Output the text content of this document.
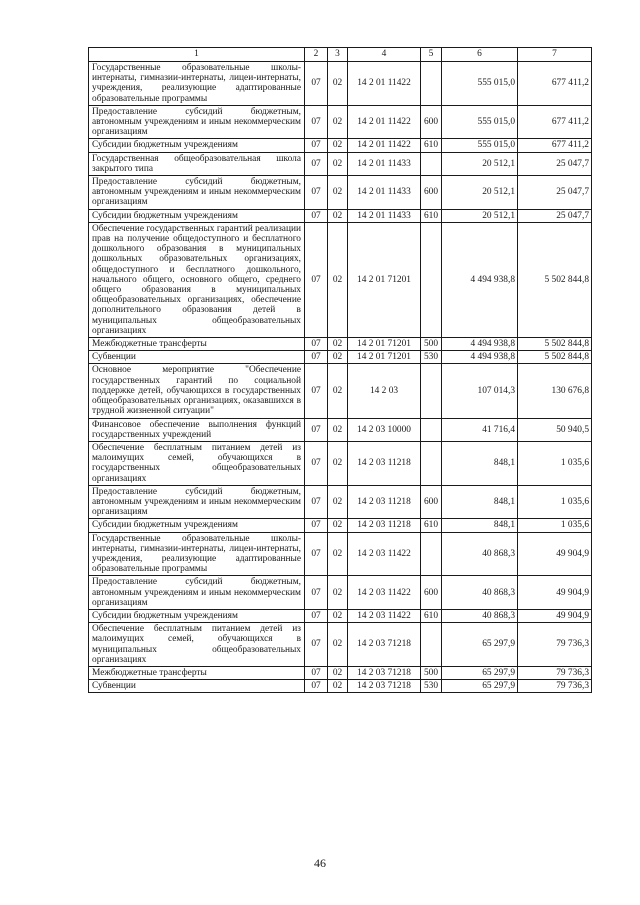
1	2	3	4	5	6	7
Государственные образовательные школы-интернаты, гимназии-интернаты, лицеи-интернаты, учреждения, реализующие адаптированные образовательные программы	07	02	14 2 01 11422		555 015,0	677 411,2
Предоставление субсидий бюджетным, автономным учреждениям и иным некоммерческим организациям	07	02	14 2 01 11422	600	555 015,0	677 411,2
Субсидии бюджетным учреждениям	07	02	14 2 01 11422	610	555 015,0	677 411,2
Государственная общеобразовательная школа закрытого типа	07	02	14 2 01 11433		20 512,1	25 047,7
Предоставление субсидий бюджетным, автономным учреждениям и иным некоммерческим организациям	07	02	14 2 01 11433	600	20 512,1	25 047,7
Субсидии бюджетным учреждениям	07	02	14 2 01 11433	610	20 512,1	25 047,7
Обеспечение государственных гарантий реализации прав на получение общедоступного и бесплатного дошкольного образования в муниципальных дошкольных образовательных организациях, общедоступного и бесплатного дошкольного, начального общего, основного общего, среднего общего образования в муниципальных общеобразовательных организациях, обеспечение дополнительного образования детей в муниципальных общеобразовательных организациях	07	02	14 2 01 71201		4 494 938,8	5 502 844,8
Межбюджетные трансферты	07	02	14 2 01 71201	500	4 494 938,8	5 502 844,8
Субвенции	07	02	14 2 01 71201	530	4 494 938,8	5 502 844,8
Основное мероприятие "Обеспечение государственных гарантий по социальной поддержке детей, обучающихся в государственных общеобразовательных организациях, оказавшихся в трудной жизненной ситуации"	07	02	14 2 03		107 014,3	130 676,8
Финансовое обеспечение выполнения функций государственных учреждений	07	02	14 2 03 10000		41 716,4	50 940,5
Обеспечение бесплатным питанием детей из малоимущих семей, обучающихся в государственных общеобразовательных организациях	07	02	14 2 03 11218		848,1	1 035,6
Предоставление субсидий бюджетным, автономным учреждениям и иным некоммерческим организациям	07	02	14 2 03 11218	600	848,1	1 035,6
Субсидии бюджетным учреждениям	07	02	14 2 03 11218	610	848,1	1 035,6
Государственные образовательные школы-интернаты, гимназии-интернаты, лицеи-интернаты, учреждения, реализующие адаптированные образовательные программы	07	02	14 2 03 11422		40 868,3	49 904,9
Предоставление субсидий бюджетным, автономным учреждениям и иным некоммерческим организациям	07	02	14 2 03 11422	600	40 868,3	49 904,9
Субсидии бюджетным учреждениям	07	02	14 2 03 11422	610	40 868,3	49 904,9
Обеспечение бесплатным питанием детей из малоимущих семей, обучающихся в муниципальных общеобразовательных организациях	07	02	14 2 03 71218		65 297,9	79 736,3
Межбюджетные трансферты	07	02	14 2 03 71218	500	65 297,9	79 736,3
Субвенции	07	02	14 2 03 71218	530	65 297,9	79 736,3
46
